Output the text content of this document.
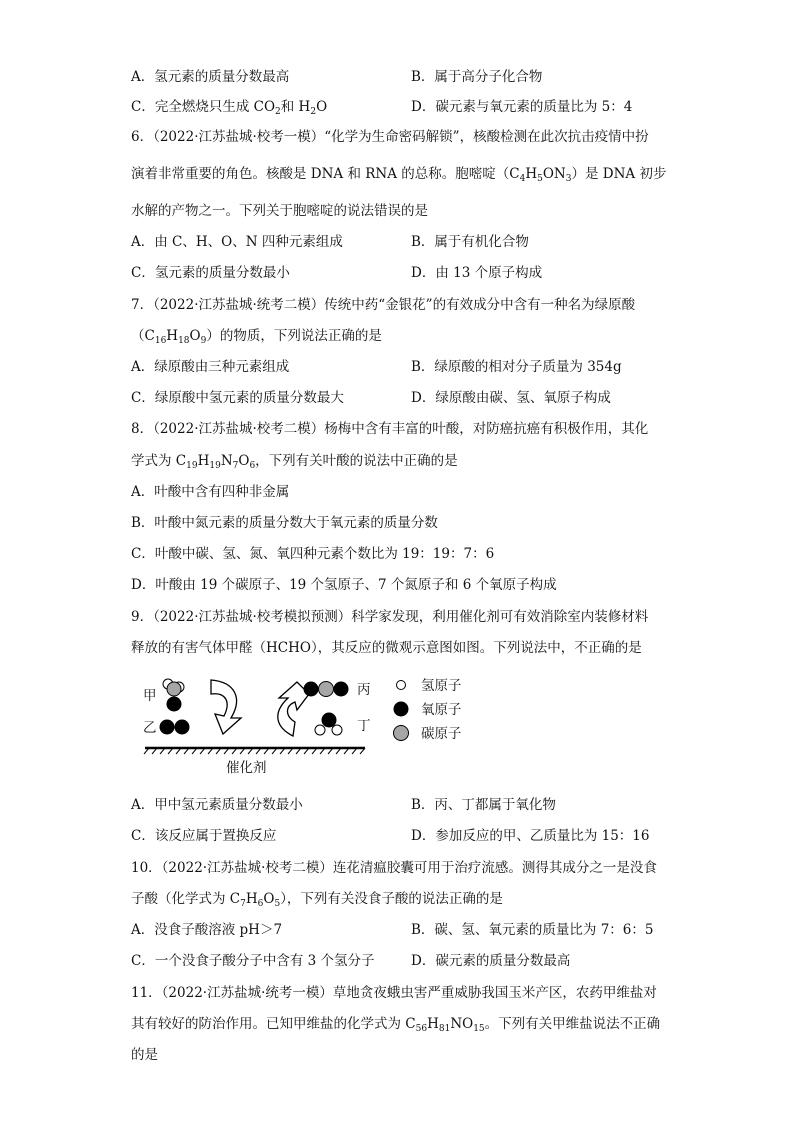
A．氢元素的质量分数最高	B．属于高分子化合物
C．完全燃烧只生成 $CO_2$和 $H_2O$	D．碳元素与氧元素的质量比为 5：4
6．（2022·江苏盐城·校考一模）“化学为生命密码解锁”，核酸检测在此次抗击疫情中扮
演着非常重要的角色。核酸是 DNA 和 RNA 的总称。胞嘧啶$(C_4H_5ON_3)$是 DNA 初步
水解的产物之一。下列关于胞嘧啶的说法错误的是
A．由 C、H、O、N 四种元素组成	B．属于有机化合物
C．氢元素的质量分数最小	D．由 13 个原子构成
7．（2022·江苏盐城·统考二模）传统中药“金银花”的有效成分中含有一种名为绿原酸
$(C_{16}H_{18}O_9)$的物质，下列说法正确的是
A．绿原酸由三种元素组成	B．绿原酸的相对分子质量为 354g
C．绿原酸中氢元素的质量分数最大	D．绿原酸由碳、氢、氧原子构成
8．（2022·江苏盐城·校考二模）杨梅中含有丰富的叶酸，对防癌抗癌有积极作用，其化
学式为 $C_{19}H_{19}N_7O_6$，下列有关叶酸的说法中正确的是
A．叶酸中含有四种非金属
B．叶酸中氮元素的质量分数大于氧元素的质量分数
C．叶酸中碳、氢、氮、氧四种元素个数比为 19：19：7：6
D．叶酸由 19 个碳原子、19 个氢原子、7 个氮原子和 6 个氧原子构成
9．（2022·江苏盐城·校考模拟预测）科学家发现，利用催化剂可有效消除室内装修材料
释放的有害气体甲醛（HCHO），其反应的微观示意图如图。下列说法中，不正确的是
甲
乙
丙
丁
氢原子
氧原子
碳原子
催化剂
A．甲中氢元素质量分数最小	B．丙、丁都属于氧化物
C．该反应属于置换反应	D．参加反应的甲、乙质量比为 15：16
10．（2022·江苏盐城·校考二模）连花清瘟胶囊可用于治疗流感。测得其成分之一是没食
子酸（化学式为 $C_7H_6O_5$），下列有关没食子酸的说法正确的是
A．没食子酸溶液 pH＞7	B．碳、氢、氧元素的质量比为 7：6：5
C．一个没食子酸分子中含有 3 个氢分子	D．碳元素的质量分数最高
11．（2022·江苏盐城·统考一模）草地贪夜蛾虫害严重威胁我国玉米产区，农药甲维盐对
其有较好的防治作用。已知甲维盐的化学式为 $C_{56}H_{81}NO_{15}$。下列有关甲维盐说法不正确
的是
